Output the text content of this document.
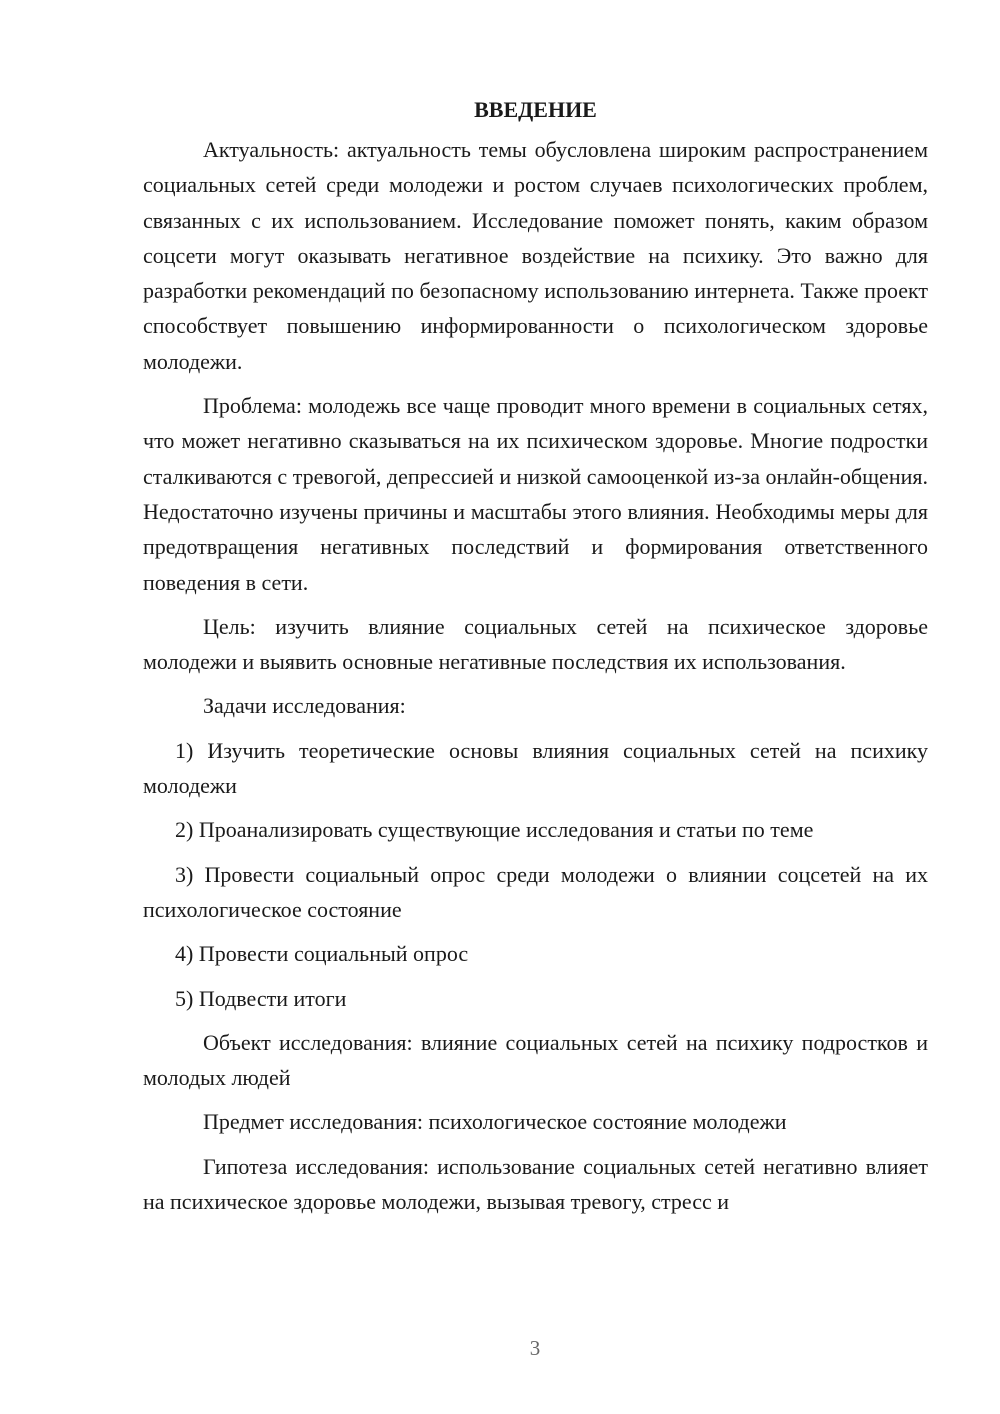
ВВЕДЕНИЕ

Актуальность: актуальность темы обусловлена широким распространением социальных сетей среди молодежи и ростом случаев психологических проблем, связанных с их использованием. Исследование поможет понять, каким образом соцсети могут оказывать негативное воздействие на психику. Это важно для разработки рекомендаций по безопасному использованию интернета. Также проект способствует повышению информированности о психологическом здоровье молодежи.

Проблема: молодежь все чаще проводит много времени в социальных сетях, что может негативно сказываться на их психическом здоровье. Многие подростки сталкиваются с тревогой, депрессией и низкой самооценкой из-за онлайн-общения. Недостаточно изучены причины и масштабы этого влияния. Необходимы меры для предотвращения негативных последствий и формирования ответственного поведения в сети.

Цель: изучить влияние социальных сетей на психическое здоровье молодежи и выявить основные негативные последствия их использования.

Задачи исследования:

1) Изучить теоретические основы влияния социальных сетей на психику молодежи

2) Проанализировать существующие исследования и статьи по теме

3) Провести социальный опрос среди молодежи о влиянии соцсетей на их психологическое состояние

4) Провести социальный опрос

5) Подвести итоги

Объект исследования: влияние социальных сетей на психику подростков и молодых людей

Предмет исследования: психологическое состояние молодежи

Гипотеза исследования: использование социальных сетей негативно влияет на психическое здоровье молодежи, вызывая тревогу, стресс и

3
